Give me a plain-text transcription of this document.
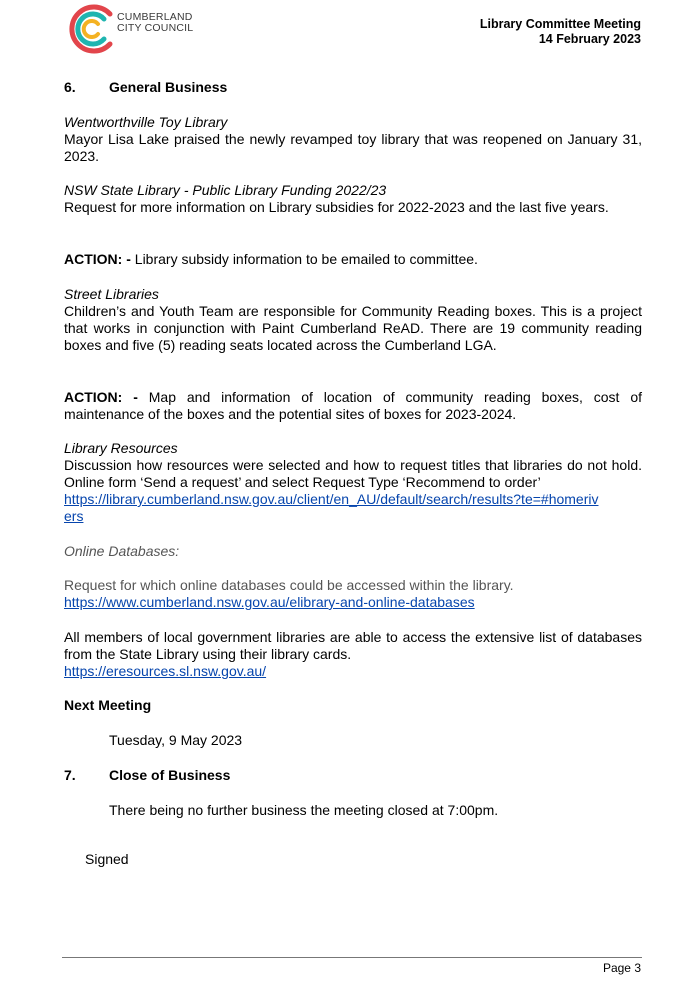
CUMBERLAND
CITY COUNCIL	Library Committee Meeting
14 February 2023
6. General Business
Wentworthville Toy Library
Mayor Lisa Lake praised the newly revamped toy library that was reopened on January 31, 2023.
NSW State Library - Public Library Funding 2022/23
Request for more information on Library subsidies for 2022-2023 and the last five years.
ACTION: - Library subsidy information to be emailed to committee.
Street Libraries
Children’s and Youth Team are responsible for Community Reading boxes. This is a project that works in conjunction with Paint Cumberland ReAD. There are 19 community reading boxes and five (5) reading seats located across the Cumberland LGA.
ACTION: - Map and information of location of community reading boxes, cost of maintenance of the boxes and the potential sites of boxes for 2023-2024.
Library Resources
Discussion how resources were selected and how to request titles that libraries do not hold. Online form ‘Send a request’ and select Request Type ‘Recommend to order’
https://library.cumberland.nsw.gov.au/client/en_AU/default/search/results?te=#homeriv
ers
Online Databases:
Request for which online databases could be accessed within the library.
https://www.cumberland.nsw.gov.au/elibrary-and-online-databases
All members of local government libraries are able to access the extensive list of databases from the State Library using their library cards.
https://eresources.sl.nsw.gov.au/
Next Meeting
Tuesday, 9 May 2023
7. Close of Business
There being no further business the meeting closed at 7:00pm.
Signed
Page 3
